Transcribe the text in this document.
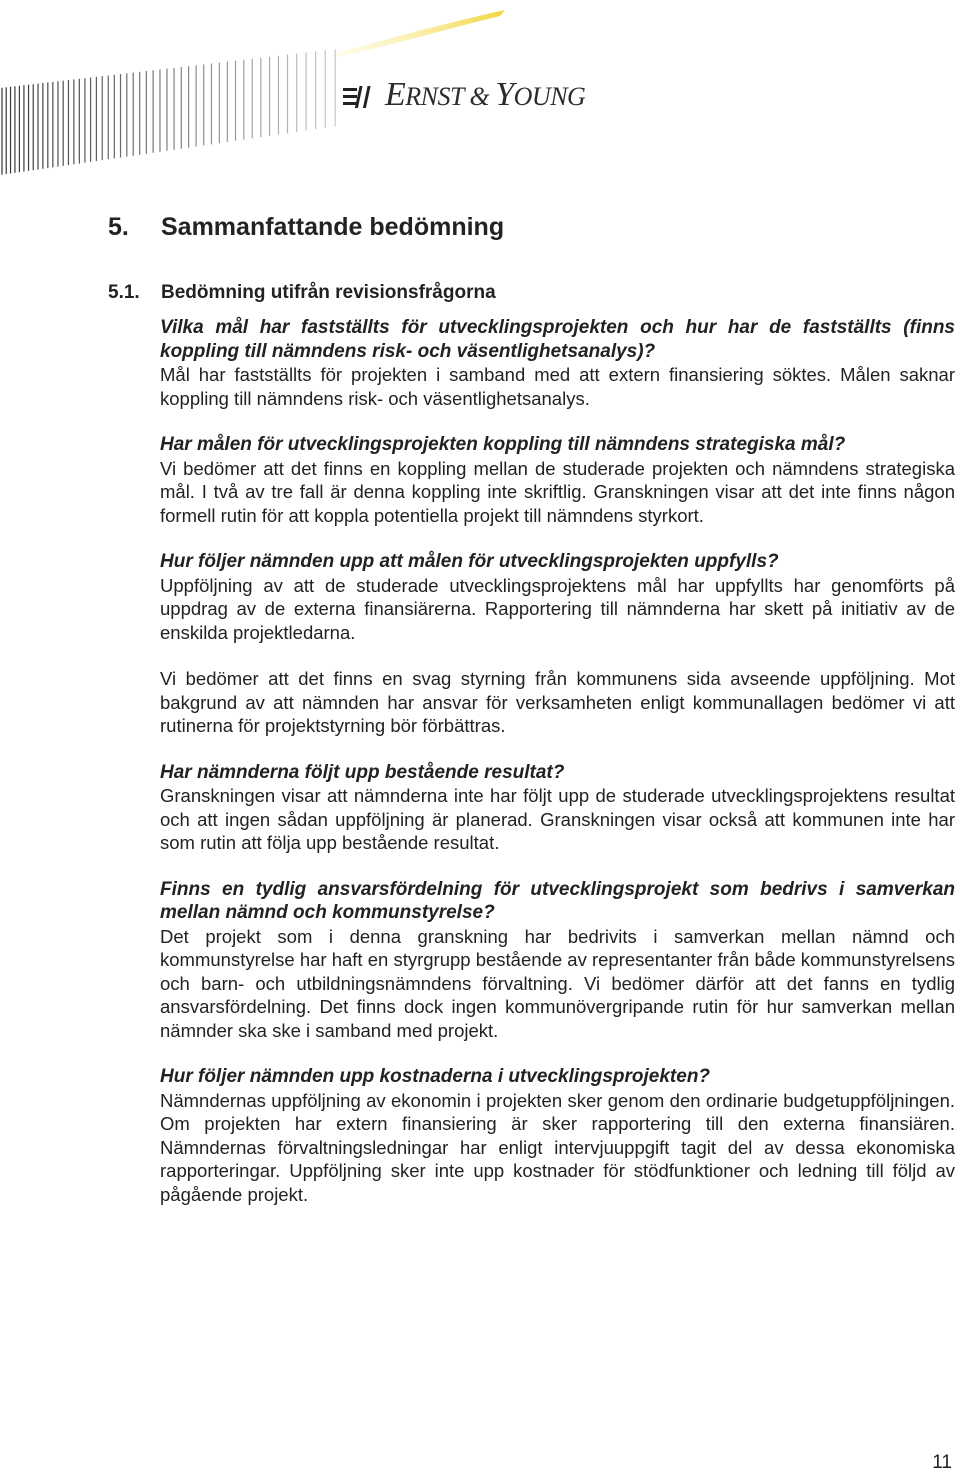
ERNST & YOUNG
5. Sammanfattande bedömning
5.1. Bedömning utifrån revisionsfrågorna
Vilka mål har fastställts för utvecklingsprojekten och hur har de fastställts (finns koppling till nämndens risk- och väsentlighetsanalys)?
Mål har fastställts för projekten i samband med att extern finansiering söktes. Målen saknar koppling till nämndens risk- och väsentlighetsanalys.
Har målen för utvecklingsprojekten koppling till nämndens strategiska mål?
Vi bedömer att det finns en koppling mellan de studerade projekten och nämndens strategiska mål. I två av tre fall är denna koppling inte skriftlig. Granskningen visar att det inte finns någon formell rutin för att koppla potentiella projekt till nämndens styrkort.
Hur följer nämnden upp att målen för utvecklingsprojekten uppfylls?
Uppföljning av att de studerade utvecklingsprojektens mål har uppfyllts har genomförts på uppdrag av de externa finansiärerna. Rapportering till nämnderna har skett på initiativ av de enskilda projektledarna.
Vi bedömer att det finns en svag styrning från kommunens sida avseende uppföljning. Mot bakgrund av att nämnden har ansvar för verksamheten enligt kommunallagen bedömer vi att rutinerna för projektstyrning bör förbättras.
Har nämnderna följt upp bestående resultat?
Granskningen visar att nämnderna inte har följt upp de studerade utvecklingsprojektens resultat och att ingen sådan uppföljning är planerad. Granskningen visar också att kommunen inte har som rutin att följa upp bestående resultat.
Finns en tydlig ansvarsfördelning för utvecklingsprojekt som bedrivs i samverkan mellan nämnd och kommunstyrelse?
Det projekt som i denna granskning har bedrivits i samverkan mellan nämnd och kommunstyrelse har haft en styrgrupp bestående av representanter från både kommunstyrelsens och barn- och utbildningsnämndens förvaltning. Vi bedömer därför att det fanns en tydlig ansvarsfördelning. Det finns dock ingen kommunövergripande rutin för hur samverkan mellan nämnder ska ske i samband med projekt.
Hur följer nämnden upp kostnaderna i utvecklingsprojekten?
Nämndernas uppföljning av ekonomin i projekten sker genom den ordinarie budgetuppföljningen. Om projekten har extern finansiering är sker rapportering till den externa finansiären. Nämndernas förvaltningsledningar har enligt intervjuuppgift tagit del av dessa ekonomiska rapporteringar. Uppföljning sker inte upp kostnader för stödfunktioner och ledning till följd av pågående projekt.
11
